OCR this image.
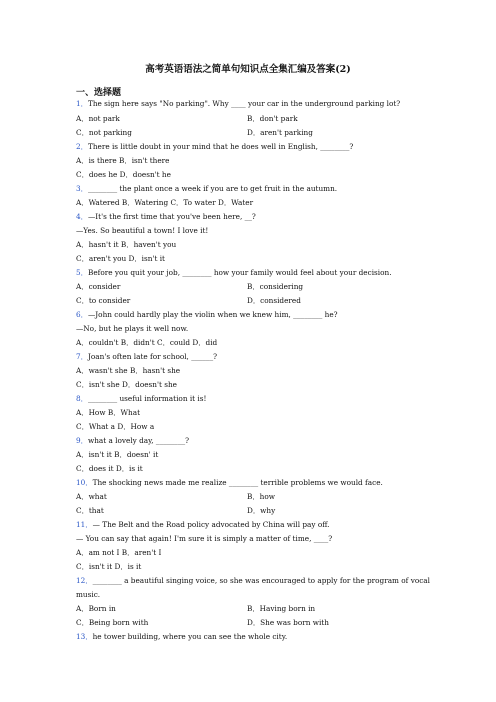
高考英语语法之简单句知识点全集汇编及答案(2)
一、选择题
1．The sign here says "No parking". Why ____ your car in the underground parking lot?
A．not park	B．don't park
C．not parking	D．aren't parking
2．There is little doubt in your mind that he does well in English, ________?
A．is there B．isn't there
C．does he D．doesn't he
3．________ the plant once a week if you are to get fruit in the autumn.
A．Watered B．Watering C．To water D．Water
4．—It's the first time that you've been here, __?
—Yes. So beautiful a town! I love it!
A．hasn't it B．haven't you
C．aren't you D．isn't it
5．Before you quit your job, ________ how your family would feel about your decision.
A．consider	B．considering
C．to consider	D．considered
6．—John could hardly play the violin when we knew him, ________ he?
—No, but he plays it well now.
A．couldn't B．didn't C．could D．did
7．Joan's often late for school, ______?
A．wasn't she B．hasn't she
C．isn't she D．doesn't she
8．________ useful information it is!
A．How B．What
C．What a D．How a
9．what a lovely day, ________?
A．isn't it B．doesn' it
C．does it D．is it
10．The shocking news made me realize ________ terrible problems we would face.
A．what	B．how
C．that	D．why
11．— The Belt and the Road policy advocated by China will pay off.
— You can say that again! I'm sure it is simply a matter of time, ____?
A．am not I B．aren't I
C．isn't it D．is it
12．________ a beautiful singing voice, so she was encouraged to apply for the program of vocal
music.
A．Born in	B．Having born in
C．Being born with	D．She was born with
13．he tower building, where you can see the whole city.
